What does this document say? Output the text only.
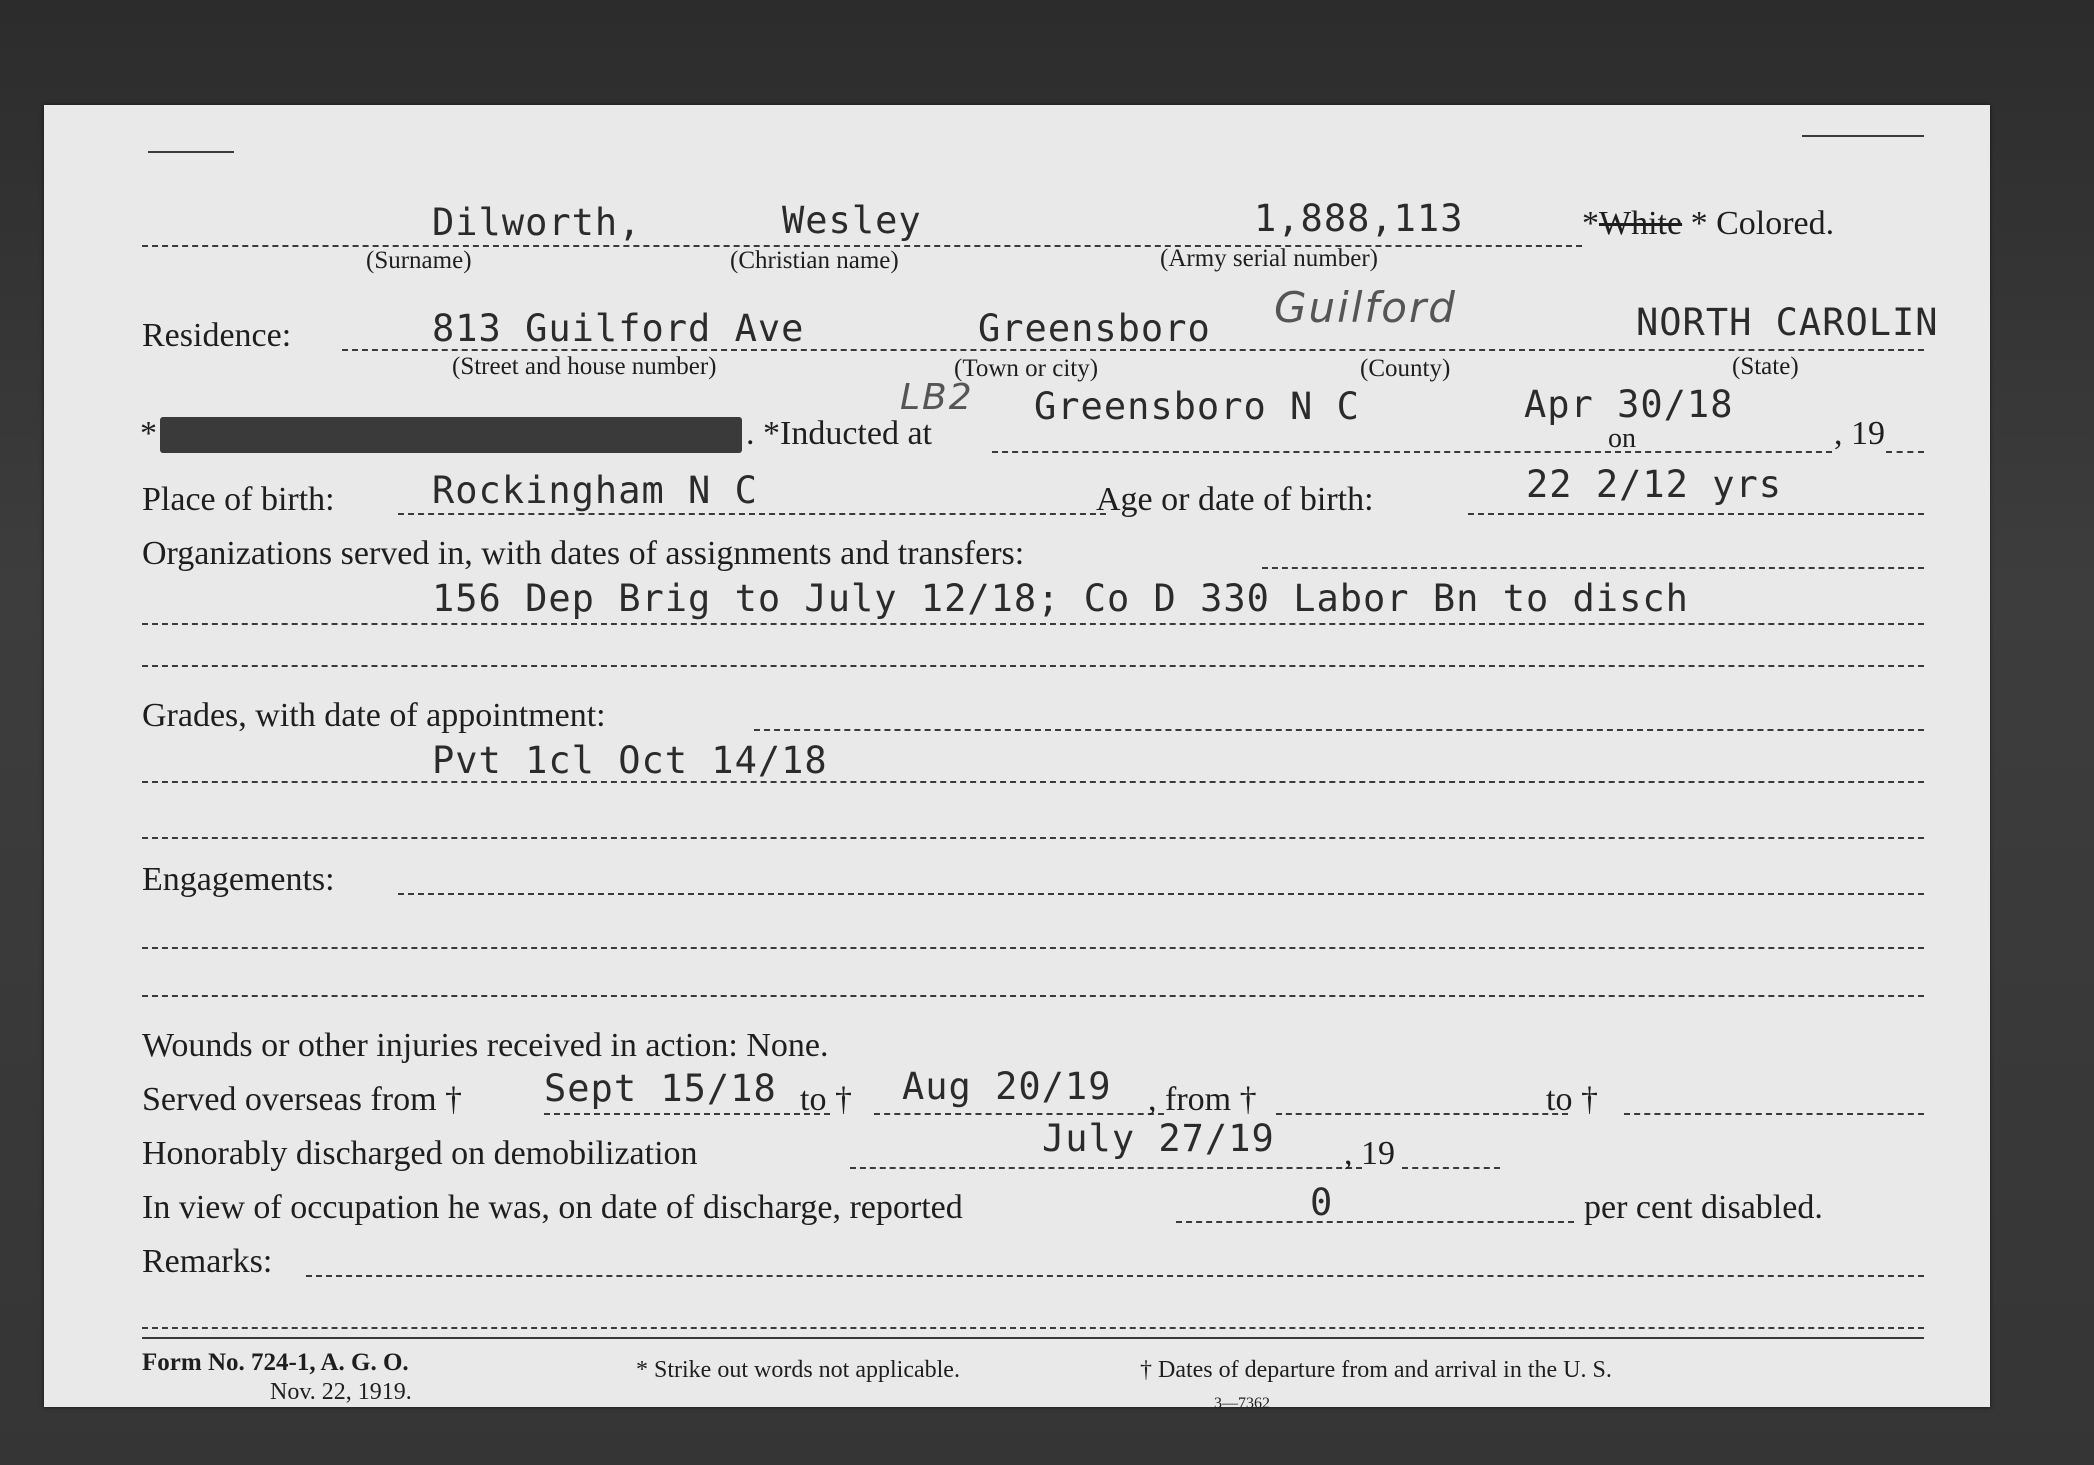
Dilworth,	Wesley	1,888,113	*White * Colored.
(Surname)	(Christian name)	(Army serial number)
Residence:	813 Guilford Ave	Greensboro Guilford	NORTH CAROLIN
(Street and house number)	(Town or city)	(County)	(State)
*	. *Inducted at
LB2 Greensboro N C	Apr 30/18
on	, 19
Place of birth:	Rockingham N C	Age or date of birth:	22 2/12 yrs
Organizations served in, with dates of assignments and transfers:
156 Dep Brig to July 12/18; Co D 330 Labor Bn to disch
Grades, with date of appointment:
Pvt 1cl Oct 14/18
Engagements:
Wounds or other injuries received in action: None.
Served overseas from † Sept 15/18 to † Aug 20/19 , from †	to †
Honorably discharged on demobilization	July 27/19 , 19
In view of occupation he was, on date of discharge, reported	0	per cent disabled.
Remarks:
Form No. 724-1, A. G. O.
Nov. 22, 1919.
* Strike out words not applicable.	† Dates of departure from and arrival in the U. S.
3—7362
